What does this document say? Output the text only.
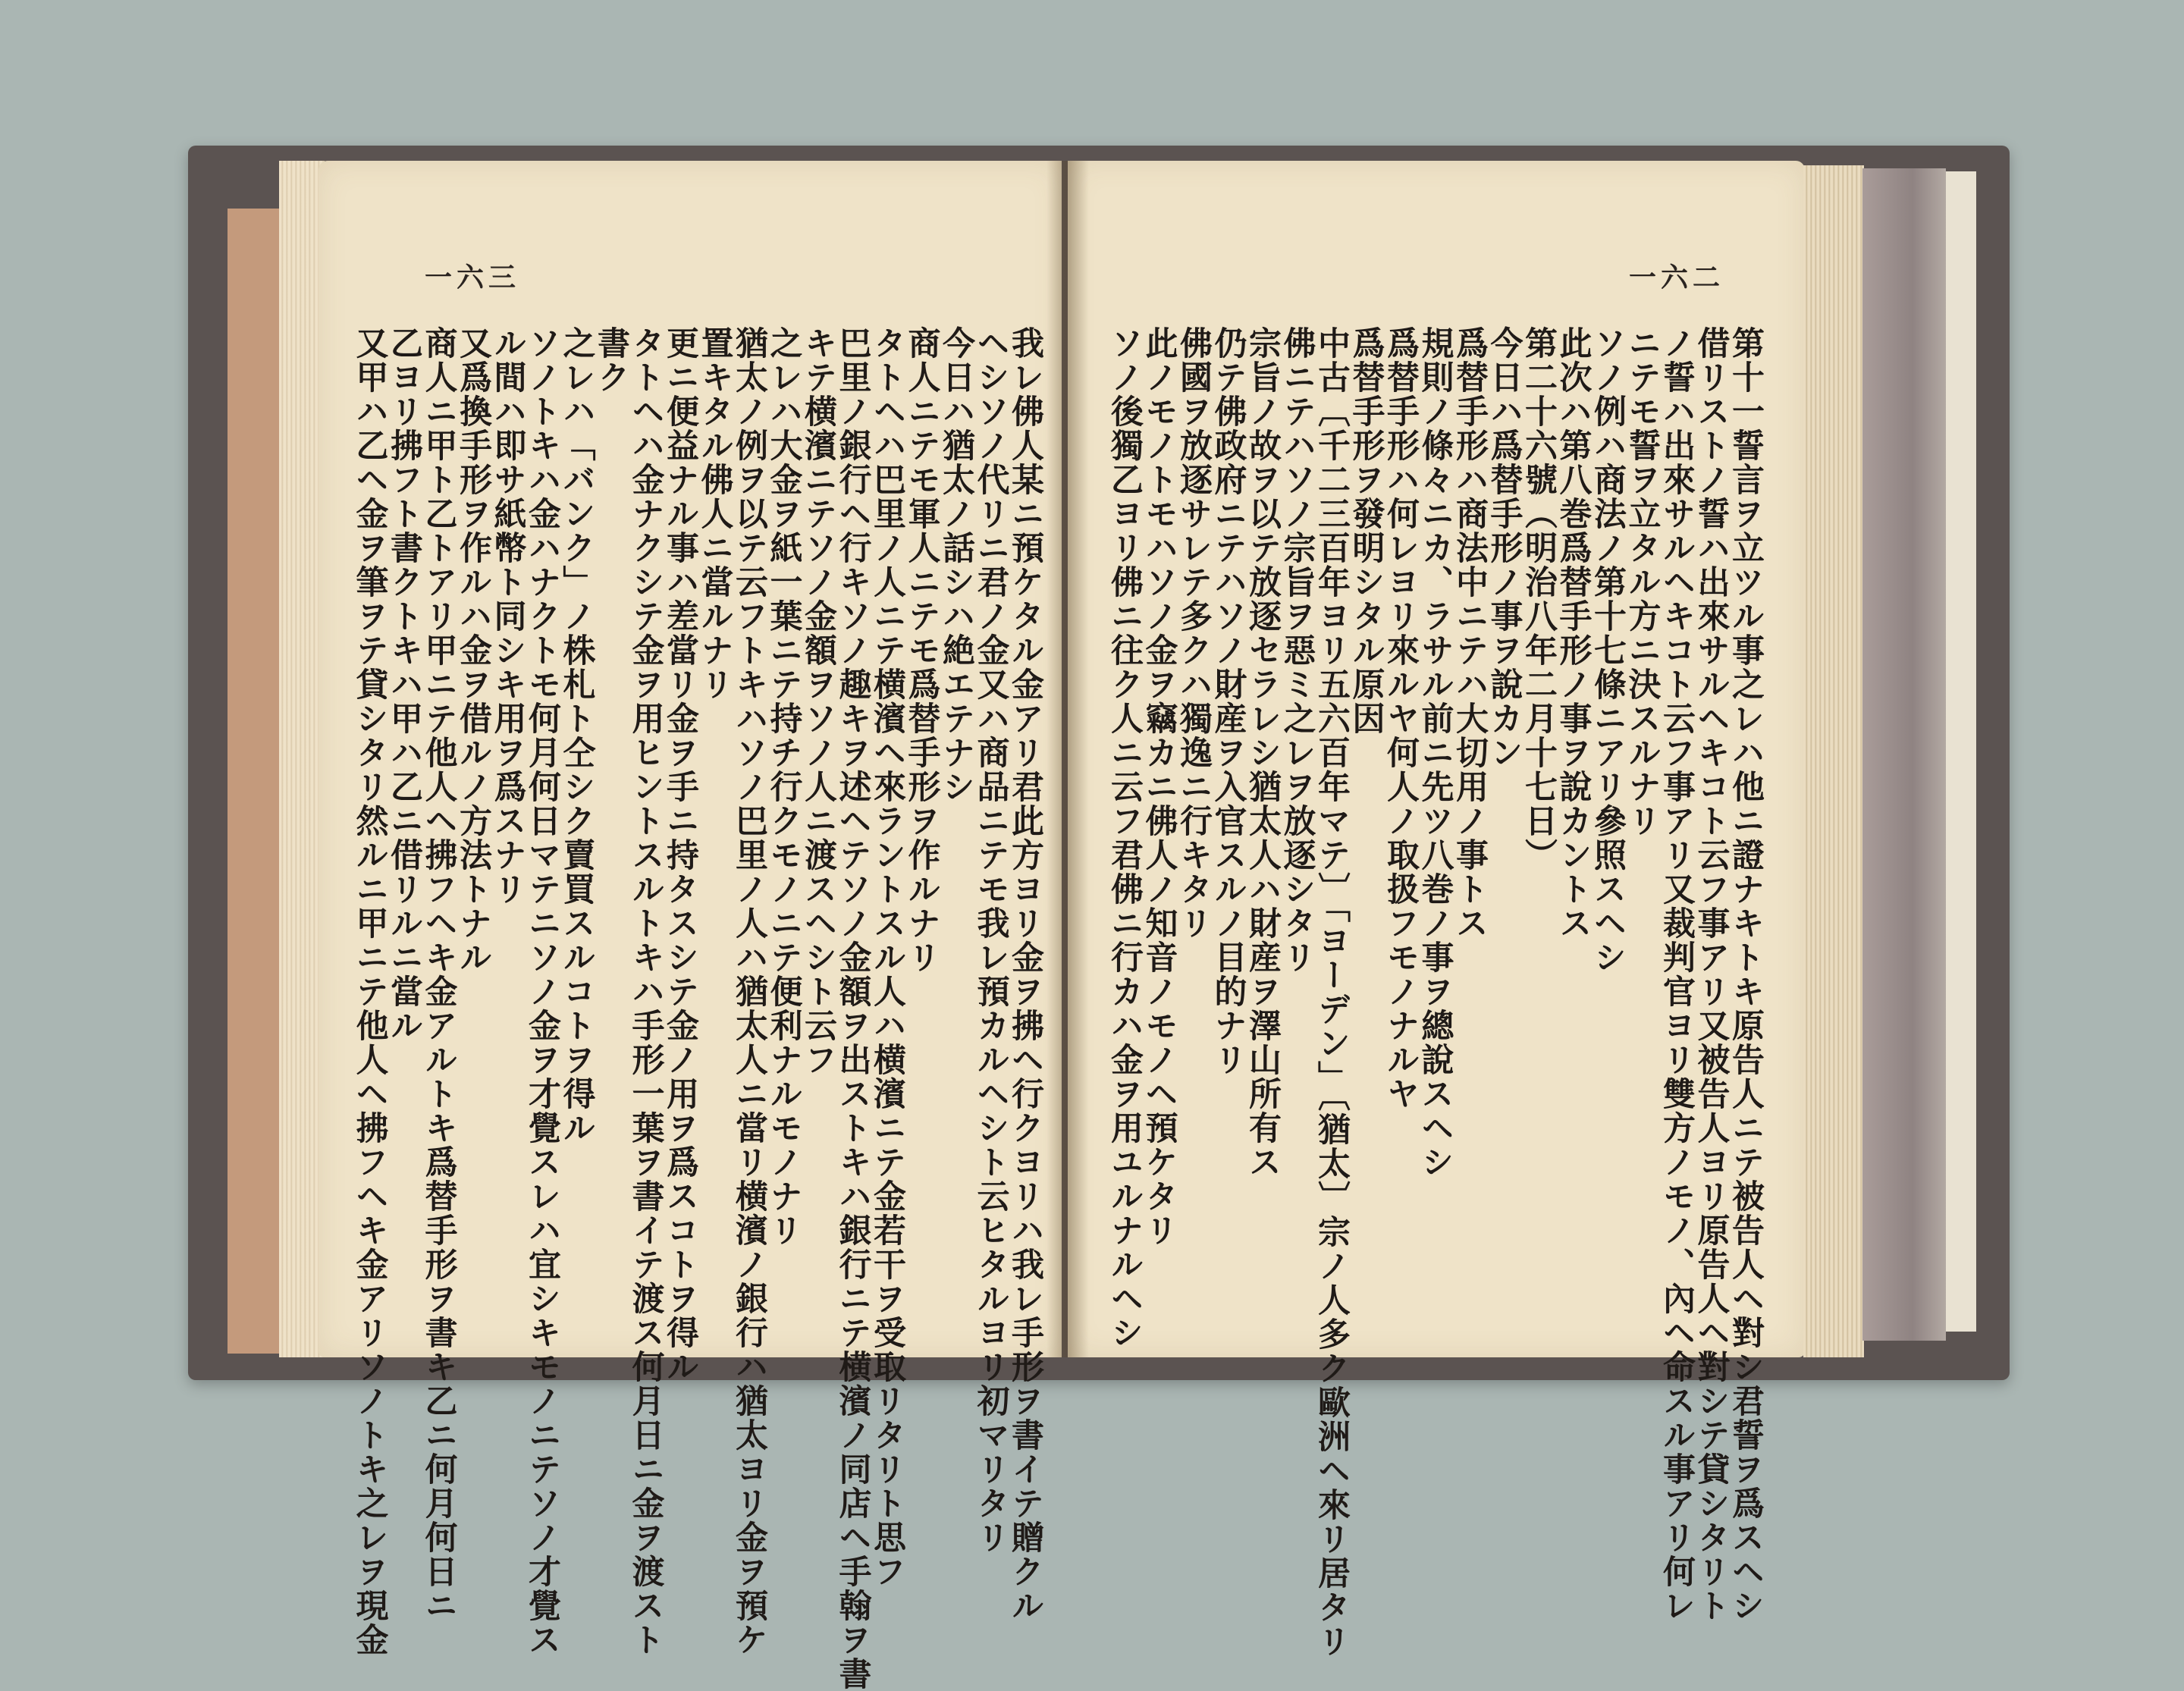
一六三
我レ佛人某ニ預ケタル金アリ君此方ヨリ金ヲ拂ヘ行クヨリハ我レ手形ヲ書イテ贈クル
ヘシソノ代リニ君ノ金又ハ商品ニテモ我レ預カルヘシト云ヒタルヨリ初マリタリ
今日ハ猶太ノ話シハ絶エテナシ
商人ニテモ軍人ニテモ爲替手形ヲ作ルナリ
タトヘハ巴里ノ人ニテ横濱ヘ來ラントスル人ハ横濱ニテ金若干ヲ受取リタリト思フ
巴里ノ銀行ヘ行キソノ趣キヲ述ヘテソノ金額ヲ出ストキハ銀行ニテ横濱ノ同店ヘ手翰ヲ書
キテ横濱ニテソノ金額ヲソノ人ニ渡スヘシト云フ
之レハ大金ヲ紙一葉ニテ持チ行クモノニテ便利ナルモノナリ
猶太ノ例ヲ以テ云フトキハソノ巴里ノ人ハ猶太人ニ當リ横濱ノ銀行ハ猶太ヨリ金ヲ預ケ
置キタル佛人ニ當ルナリ
更ニ便益ナル事ハ差當リ金ヲ手ニ持タスシテ金ノ用ヲ爲スコトヲ得ル
タトヘハ金ナクシテ金ヲ用ヒントスルトキハ手形一葉ヲ書イテ渡ス何月日ニ金ヲ渡スト
書ク
之レハ「バンク」ノ株札ト仝シク賣買スルコトヲ得ル
ソノトキハ金ハナクトモ何月何日マテニソノ金ヲ才覺スレハ宜シキモノニテソノ才覺ス
ル間ハ即サ紙幣ト同シキ用ヲ爲スナリ
又爲換手形ヲ作ルハ金ヲ借ルノ方法トナル
商人ニ甲ト乙トアリ甲ニテ他人ヘ拂フヘキ金アルトキ爲替手形ヲ書キ乙ニ何月何日ニ
乙ヨリ拂フト書クトキハ甲ハ乙ニ借リルニ當ル
又甲ハ乙ヘ金ヲ筆ヲテ貸シタリ然ルニ甲ニテ他人ヘ拂フヘキ金アリソノトキ之レヲ現金
一六二
第十一誓言ヲ立ツル事之レハ他ニ證ナキトキ原告人ニテ被告人ヘ對シ君誓ヲ爲スヘシ
借リストノ誓ハ出來サルヘキコト云フ事アリ又被告人ヨリ原告人ヘ對シテ貸シタリト
ノ誓ハ出來サルヘキコト云フ事アリ又裁判官ヨリ雙方ノモノ、內ヘ命スル事アリ何レ
ニテモ誓ヲ立タル方ニ決スルナリ
ソノ例ハ商法ノ第十七條ニアリ參照スヘシ
此次ハ第八巻爲替手形ノ事ヲ說カントス
第二十六號（明治八年二月十七日）
今日ハ爲替手形ノ事ヲ說カン
爲替手形ハ商法中ニテハ大切用ノ事トス
規則ノ條々ニカ、ラサル前ニ先ツ八巻ノ事ヲ總說スヘシ
爲替手形ハ何レヨリ來ルヤ何人ノ取扱フモノナルヤ
爲替手形ヲ發明シタル原因
中古〔千二三百年ヨリ五六百年マテ〕「ヨーデン」〔猶太〕宗ノ人多ク歐洲ヘ來リ居タリ
佛ニテハソノ宗旨ヲ惡ミ之レヲ放逐シタリ
宗旨ノ故ヲ以テ放逐セラレシ猶太人ハ財産ヲ澤山所有ス
仍テ佛政府ニテハソノ財産ヲ入官スルノ目的ナリ
佛國ヲ放逐サレテ多クハ獨逸ニ行キタリ
此ノモノトモハソノ金ヲ竊カニ佛人ノ知音ノモノヘ預ケタリ
ソノ後獨乙ヨリ佛ニ往ク人ニ云フ君佛ニ行カハ金ヲ用ユルナルヘシ
